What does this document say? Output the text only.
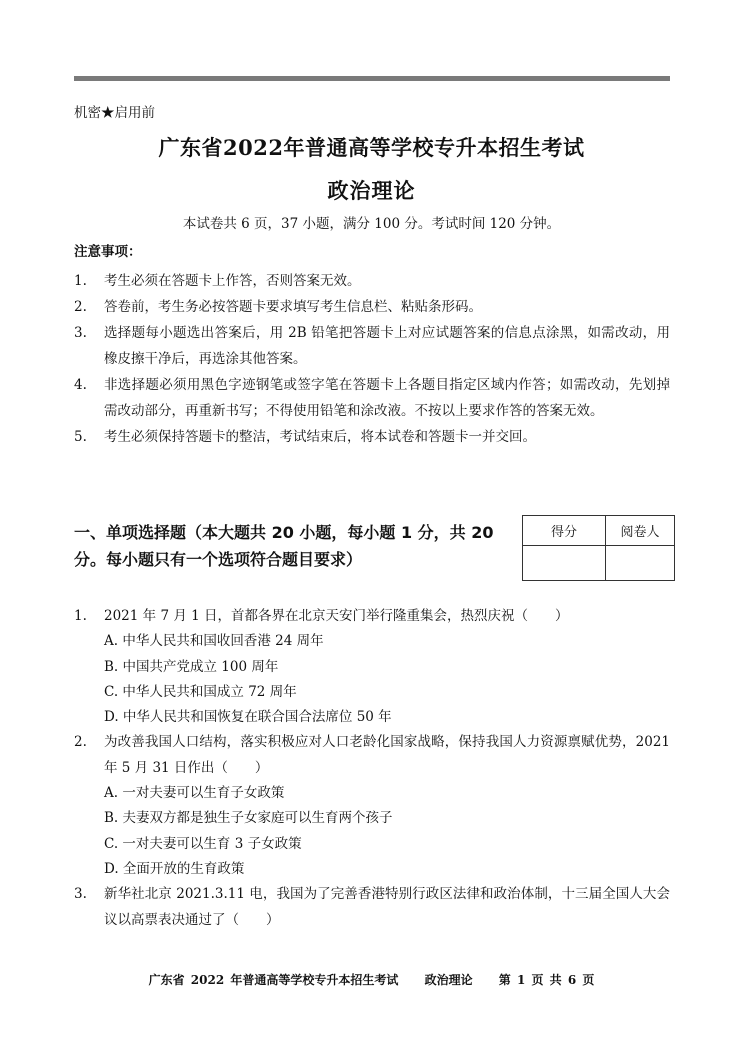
机密★启用前
广东省2022年普通高等学校专升本招生考试
政治理论
本试卷共 6 页，37 小题，满分 100 分。考试时间 120 分钟。
注意事项：
1.	考生必须在答题卡上作答，否则答案无效。
2.	答卷前，考生务必按答题卡要求填写考生信息栏、粘贴条形码。
3.	选择题每小题选出答案后，用 2B 铅笔把答题卡上对应试题答案的信息点涂黑，如需改动，用橡皮擦干净后，再选涂其他答案。
4.	非选择题必须用黑色字迹钢笔或签字笔在答题卡上各题目指定区域内作答；如需改动，先划掉需改动部分，再重新书写；不得使用铅笔和涂改液。不按以上要求作答的答案无效。
5.	考生必须保持答题卡的整洁，考试结束后，将本试卷和答题卡一并交回。
一、单项选择题（本大题共 20 小题，每小题 1 分，共 20 分。每小题只有一个选项符合题目要求）
得分	阅卷人

1.	2021 年 7 月 1 日，首都各界在北京天安门举行隆重集会，热烈庆祝（　　）
A. 中华人民共和国收回香港 24 周年
B. 中国共产党成立 100 周年
C. 中华人民共和国成立 72 周年
D. 中华人民共和国恢复在联合国合法席位 50 年
2.	为改善我国人口结构，落实积极应对人口老龄化国家战略，保持我国人力资源禀赋优势，2021 年 5 月 31 日作出（　　）
A. 一对夫妻可以生育子女政策
B. 夫妻双方都是独生子女家庭可以生育两个孩子
C. 一对夫妻可以生育 3 子女政策
D. 全面开放的生育政策
3.	新华社北京 2021.3.11 电，我国为了完善香港特别行政区法律和政治体制，十三届全国人大会议以高票表决通过了（　　）
广东省 2022 年普通高等学校专升本招生考试 政治理论 第 1 页 共 6 页
